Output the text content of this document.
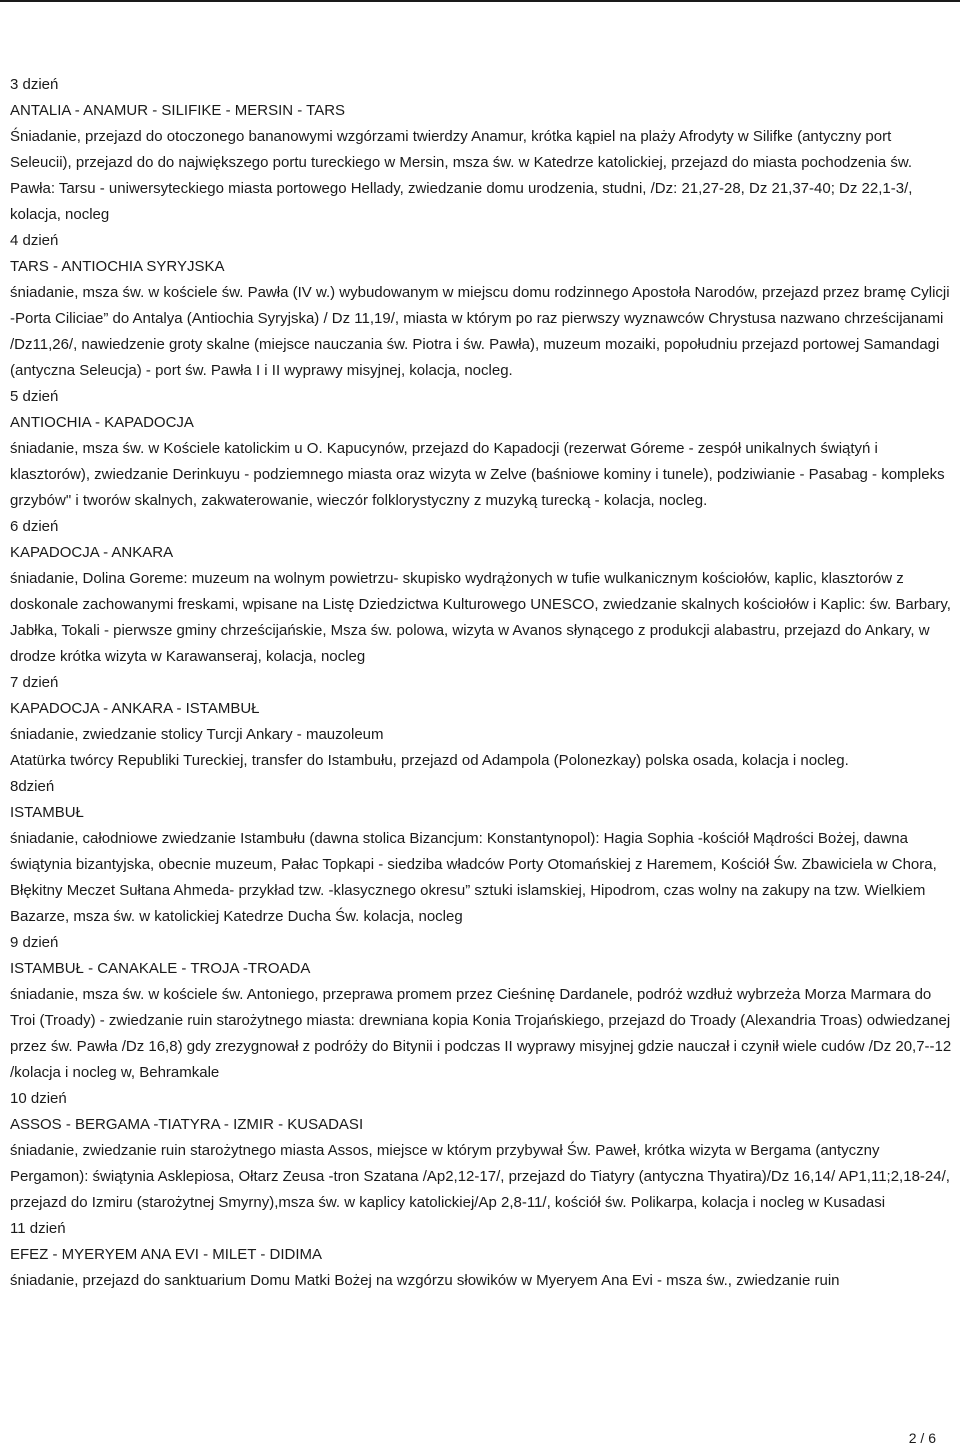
3 dzień

ANTALIA - ANAMUR - SILIFIKE - MERSIN - TARS

Śniadanie, przejazd do otoczonego bananowymi wzgórzami twierdzy Anamur, krótka kąpiel na plaży Afrodyty w Silifke (antyczny port Seleucii), przejazd do do największego portu tureckiego w Mersin, msza św. w Katedrze katolickiej, przejazd do miasta pochodzenia św. Pawła: Tarsu - uniwersyteckiego miasta portowego Hellady, zwiedzanie domu urodzenia, studni, /Dz: 21,27-28, Dz 21,37-40; Dz 22,1-3/, kolacja, nocleg

4 dzień

TARS - ANTIOCHIA SYRYJSKA

śniadanie, msza św. w kościele św. Pawła (IV w.) wybudowanym w miejscu domu rodzinnego Apostoła Narodów, przejazd przez bramę Cylicji -Porta Ciliciae” do Antalya (Antiochia Syryjska) / Dz 11,19/, miasta w którym po raz pierwszy wyznawców Chrystusa nazwano chrześcijanami /Dz11,26/, nawiedzenie groty skalne (miejsce nauczania św. Piotra i św. Pawła), muzeum mozaiki, popołudniu przejazd portowej Samandagi (antyczna Seleucja) - port św. Pawła I i II wyprawy misyjnej, kolacja, nocleg.

5 dzień

ANTIOCHIA - KAPADOCJA

śniadanie, msza św. w Kościele katolickim u O. Kapucynów, przejazd do Kapadocji (rezerwat Góreme - zespół unikalnych świątyń i klasztorów), zwiedzanie Derinkuyu - podziemnego miasta oraz wizyta w Zelve (baśniowe kominy i tunele), podziwianie - Pasabag - kompleks grzybów" i tworów skalnych, zakwaterowanie, wieczór folklorystyczny z muzyką turecką - kolacja, nocleg.

6 dzień

KAPADOCJA - ANKARA

śniadanie, Dolina Goreme: muzeum na wolnym powietrzu- skupisko wydrążonych w tufie wulkanicznym kościołów, kaplic, klasztorów z doskonale zachowanymi freskami, wpisane na Listę Dziedzictwa Kulturowego UNESCO, zwiedzanie skalnych kościołów i Kaplic: św. Barbary, Jabłka, Tokali - pierwsze gminy chrześcijańskie, Msza św. polowa, wizyta w Avanos słynącego z produkcji alabastru, przejazd do Ankary, w drodze krótka wizyta w Karawanseraj, kolacja, nocleg

7 dzień

KAPADOCJA - ANKARA - ISTAMBUŁ

śniadanie, zwiedzanie stolicy Turcji Ankary - mauzoleum

Atatürka twórcy Republiki Tureckiej, transfer do Istambułu, przejazd od Adampola (Polonezkay) polska osada, kolacja i nocleg.

8dzień

ISTAMBUŁ

śniadanie, całodniowe zwiedzanie Istambułu (dawna stolica Bizancjum: Konstantynopol): Hagia Sophia -kościół Mądrości Bożej, dawna świątynia bizantyjska, obecnie muzeum, Pałac Topkapi - siedziba władców Porty Otomańskiej z Haremem, Kościół Św. Zbawiciela w Chora, Błękitny Meczet Sułtana Ahmeda- przykład tzw. -klasycznego okresu” sztuki islamskiej, Hipodrom, czas wolny na zakupy na tzw. Wielkiem Bazarze, msza św. w katolickiej Katedrze Ducha Św. kolacja, nocleg

9 dzień

ISTAMBUŁ - CANAKALE - TROJA -TROADA

śniadanie, msza św. w kościele św. Antoniego, przeprawa promem przez Cieśninę Dardanele, podróż wzdłuż wybrzeża Morza Marmara do Troi (Troady) - zwiedzanie ruin starożytnego miasta: drewniana kopia Konia Trojańskiego, przejazd do Troady (Alexandria Troas) odwiedzanej przez św. Pawła /Dz 16,8) gdy zrezygnował z podróży do Bitynii i podczas II wyprawy misyjnej gdzie nauczał i czynił wiele cudów /Dz 20,7--12 /kolacja i nocleg w, Behramkale

10 dzień

ASSOS - BERGAMA -TIATYRA - IZMIR - KUSADASI

śniadanie, zwiedzanie ruin starożytnego miasta Assos, miejsce w którym przybywał Św. Paweł, krótka wizyta w Bergama (antyczny Pergamon): świątynia Asklepiosa, Ołtarz Zeusa -tron Szatana /Ap2,12-17/, przejazd do Tiatyry (antyczna Thyatira)/Dz 16,14/ AP1,11;2,18-24/, przejazd do Izmiru (starożytnej Smyrny),msza św. w kaplicy katolickiej/Ap 2,8-11/, kościół św. Polikarpa, kolacja i nocleg w Kusadasi

11 dzień

EFEZ - MYERYEM ANA EVI - MILET - DIDIMA

śniadanie, przejazd do sanktuarium Domu Matki Bożej na wzgórzu słowików w Myeryem Ana Evi - msza św., zwiedzanie ruin

2 / 6
